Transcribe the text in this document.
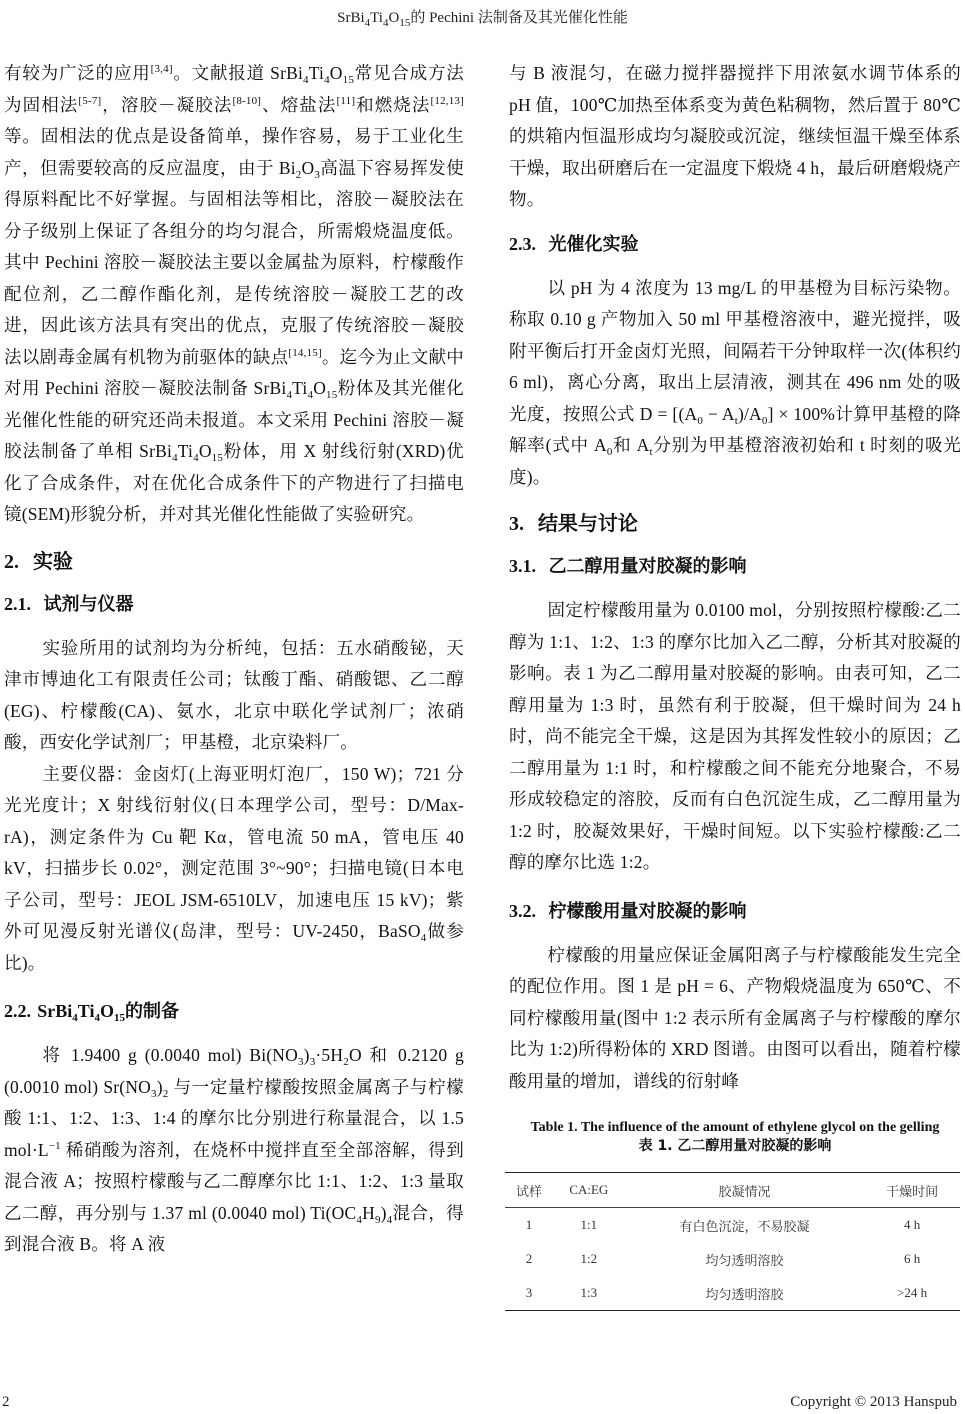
$SrBi_4Ti_4O_{15}$的 Pechini 法制备及其光催化性能

有较为广泛的应用[3,4]。文献报道 $SrBi_4Ti_4O_{15}$常见合成方法为固相法[5-7]，溶胶－凝胶法[8-10]、熔盐法[11]和燃烧法[12,13]等。固相法的优点是设备简单，操作容易，易于工业化生产，但需要较高的反应温度，由于 $Bi_2O_3$高温下容易挥发使得原料配比不好掌握。与固相法等相比，溶胶－凝胶法在分子级别上保证了各组分的均匀混合，所需煅烧温度低。其中 Pechini 溶胶－凝胶法主要以金属盐为原料，柠檬酸作配位剂，乙二醇作酯化剂，是传统溶胶－凝胶工艺的改进，因此该方法具有突出的优点，克服了传统溶胶－凝胶法以剧毒金属有机物为前驱体的缺点[14,15]。迄今为止文献中对用 Pechini 溶胶－凝胶法制备 $SrBi_4Ti_4O_{15}$粉体及其光催化光催化性能的研究还尚未报道。本文采用 Pechini 溶胶－凝胶法制备了单相 $SrBi_4Ti_4O_{15}$粉体，用 X 射线衍射(XRD)优化了合成条件，对在优化合成条件下的产物进行了扫描电镜(SEM)形貌分析，并对其光催化性能做了实验研究。

2. 实验
2.1. 试剂与仪器

实验所用的试剂均为分析纯，包括：五水硝酸铋，天津市博迪化工有限责任公司；钛酸丁酯、硝酸锶、乙二醇(EG)、柠檬酸(CA)、氨水，北京中联化学试剂厂；浓硝酸，西安化学试剂厂；甲基橙，北京染料厂。

主要仪器：金卤灯(上海亚明灯泡厂，150 W)；721 分光光度计；X 射线衍射仪(日本理学公司，型号：D/Max-rA)，测定条件为 Cu 靶 Kα，管电流 50 mA，管电压 40 kV，扫描步长 0.02°，测定范围 3°~90°；扫描电镜(日本电子公司，型号：JEOL JSM-6510LV，加速电压 15 kV)；紫外可见漫反射光谱仪(岛津，型号：UV-2450，BaSO$_4$做参比)。

2.2. $SrBi_4Ti_4O_{15}$的制备

将 1.9400 g (0.0040 mol) $Bi(NO_3)_3\cdot 5H_2O$ 和 0.2120 g (0.0010 mol) $Sr(NO_3)_2$ 与一定量柠檬酸按照金属离子与柠檬酸 1:1、1:2、1:3、1:4 的摩尔比分别进行称量混合，以 1.5 $mol\cdot L^{-1}$ 稀硝酸为溶剂，在烧杯中搅拌直至全部溶解，得到混合液 A；按照柠檬酸与乙二醇摩尔比 1:1、1:2、1:3 量取乙二醇，再分别与 1.37 ml (0.0040 mol) $Ti(OC_4H_9)_4$混合，得到混合液 B。将 A 液

与 B 液混匀，在磁力搅拌器搅拌下用浓氨水调节体系的 pH 值，100℃加热至体系变为黄色粘稠物，然后置于 80℃的烘箱内恒温形成均匀凝胶或沉淀，继续恒温干燥至体系干燥，取出研磨后在一定温度下煅烧 4 h，最后研磨煅烧产物。

2.3. 光催化实验

以 pH 为 4 浓度为 13 mg/L 的甲基橙为目标污染物。称取 0.10 g 产物加入 50 ml 甲基橙溶液中，避光搅拌，吸附平衡后打开金卤灯光照，间隔若干分钟取样一次(体积约 6 ml)，离心分离，取出上层清液，测其在 496 nm 处的吸光度，按照公式 $D = [(A_0 - A_t)/A_0] \times 100\%$计算甲基橙的降解率(式中 $A_0$和 $A_t$分别为甲基橙溶液初始和 t 时刻的吸光度)。

3. 结果与讨论
3.1. 乙二醇用量对胶凝的影响

固定柠檬酸用量为 0.0100 mol，分别按照柠檬酸:乙二醇为 1:1、1:2、1:3 的摩尔比加入乙二醇，分析其对胶凝的影响。表 1 为乙二醇用量对胶凝的影响。由表可知，乙二醇用量为 1:3 时，虽然有利于胶凝，但干燥时间为 24 h 时，尚不能完全干燥，这是因为其挥发性较小的原因；乙二醇用量为 1:1 时，和柠檬酸之间不能充分地聚合，不易形成较稳定的溶胶，反而有白色沉淀生成，乙二醇用量为 1:2 时，胶凝效果好，干燥时间短。以下实验柠檬酸:乙二醇的摩尔比选 1:2。

3.2. 柠檬酸用量对胶凝的影响

柠檬酸的用量应保证金属阳离子与柠檬酸能发生完全的配位作用。图 1 是 pH = 6、产物煅烧温度为 650℃、不同柠檬酸用量(图中 1:2 表示所有金属离子与柠檬酸的摩尔比为 1:2)所得粉体的 XRD 图谱。由图可以看出，随着柠檬酸用量的增加，谱线的衍射峰

Table 1. The influence of the amount of ethylene glycol on the gelling
表 1. 乙二醇用量对胶凝的影响
试样	CA:EG	胶凝情况	干燥时间
1	1:1	有白色沉淀，不易胶凝	4 h
2	1:2	均匀透明溶胶	6 h
3	1:3	均匀透明溶胶	>24 h
2	Copyright © 2013 Hanspub
